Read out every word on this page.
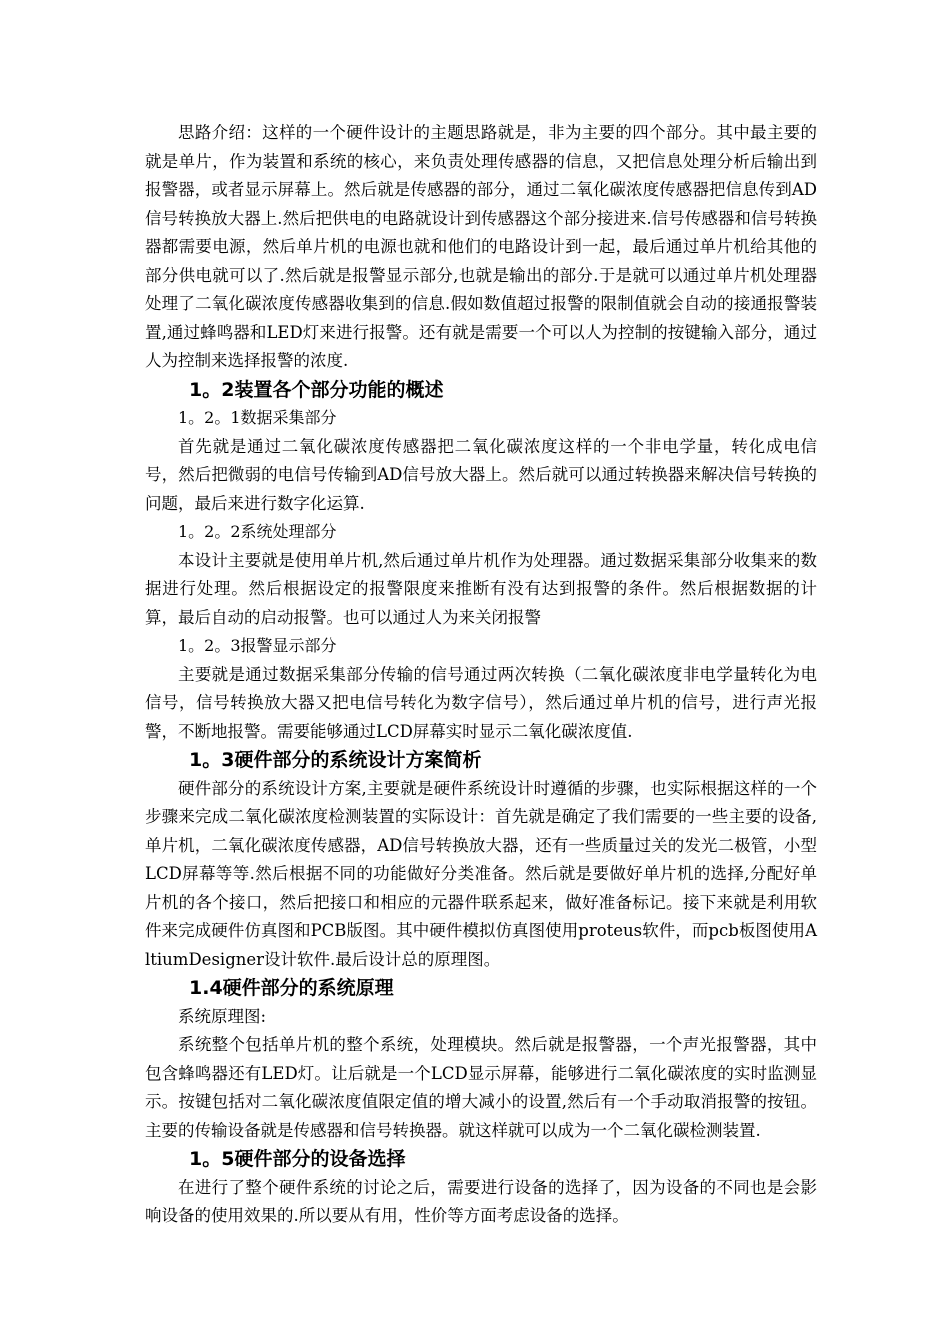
思路介绍：这样的一个硬件设计的主题思路就是，非为主要的四个部分。其中最主要的就是单片，作为装置和系统的核心，来负责处理传感器的信息，又把信息处理分析后输出到报警器，或者显示屏幕上。然后就是传感器的部分，通过二氧化碳浓度传感器把信息传到AD信号转换放大器上.然后把供电的电路就设计到传感器这个部分接进来.信号传感器和信号转换器都需要电源，然后单片机的电源也就和他们的电路设计到一起，最后通过单片机给其他的部分供电就可以了.然后就是报警显示部分,也就是输出的部分.于是就可以通过单片机处理器处理了二氧化碳浓度传感器收集到的信息.假如数值超过报警的限制值就会自动的接通报警装置,通过蜂鸣器和LED灯来进行报警。还有就是需要一个可以人为控制的按键输入部分，通过人为控制来选择报警的浓度.

1。2装置各个部分功能的概述
1。2。1数据采集部分

首先就是通过二氧化碳浓度传感器把二氧化碳浓度这样的一个非电学量，转化成电信号，然后把微弱的电信号传输到AD信号放大器上。然后就可以通过转换器来解决信号转换的问题，最后来进行数字化运算.

1。2。2系统处理部分

本设计主要就是使用单片机,然后通过单片机作为处理器。通过数据采集部分收集来的数据进行处理。然后根据设定的报警限度来推断有没有达到报警的条件。然后根据数据的计算，最后自动的启动报警。也可以通过人为来关闭报警

1。2。3报警显示部分

主要就是通过数据采集部分传输的信号通过两次转换（二氧化碳浓度非电学量转化为电信号，信号转换放大器又把电信号转化为数字信号），然后通过单片机的信号，进行声光报警，不断地报警。需要能够通过LCD屏幕实时显示二氧化碳浓度值.

1。3硬件部分的系统设计方案简析

硬件部分的系统设计方案,主要就是硬件系统设计时遵循的步骤，也实际根据这样的一个步骤来完成二氧化碳浓度检测装置的实际设计：首先就是确定了我们需要的一些主要的设备,单片机，二氧化碳浓度传感器，AD信号转换放大器，还有一些质量过关的发光二极管，小型LCD屏幕等等.然后根据不同的功能做好分类准备。然后就是要做好单片机的选择,分配好单片机的各个接口，然后把接口和相应的元器件联系起来，做好准备标记。接下来就是利用软件来完成硬件仿真图和PCB版图。其中硬件模拟仿真图使用proteus软件，而pcb板图使用AltiumDesigner设计软件.最后设计总的原理图。

1.4硬件部分的系统原理

系统原理图:

系统整个包括单片机的整个系统，处理模块。然后就是报警器，一个声光报警器，其中包含蜂鸣器还有LED灯。让后就是一个LCD显示屏幕，能够进行二氧化碳浓度的实时监测显示。按键包括对二氧化碳浓度值限定值的增大减小的设置,然后有一个手动取消报警的按钮。主要的传输设备就是传感器和信号转换器。就这样就可以成为一个二氧化碳检测装置.

1。5硬件部分的设备选择

在进行了整个硬件系统的讨论之后，需要进行设备的选择了，因为设备的不同也是会影响设备的使用效果的.所以要从有用，性价等方面考虑设备的选择。
